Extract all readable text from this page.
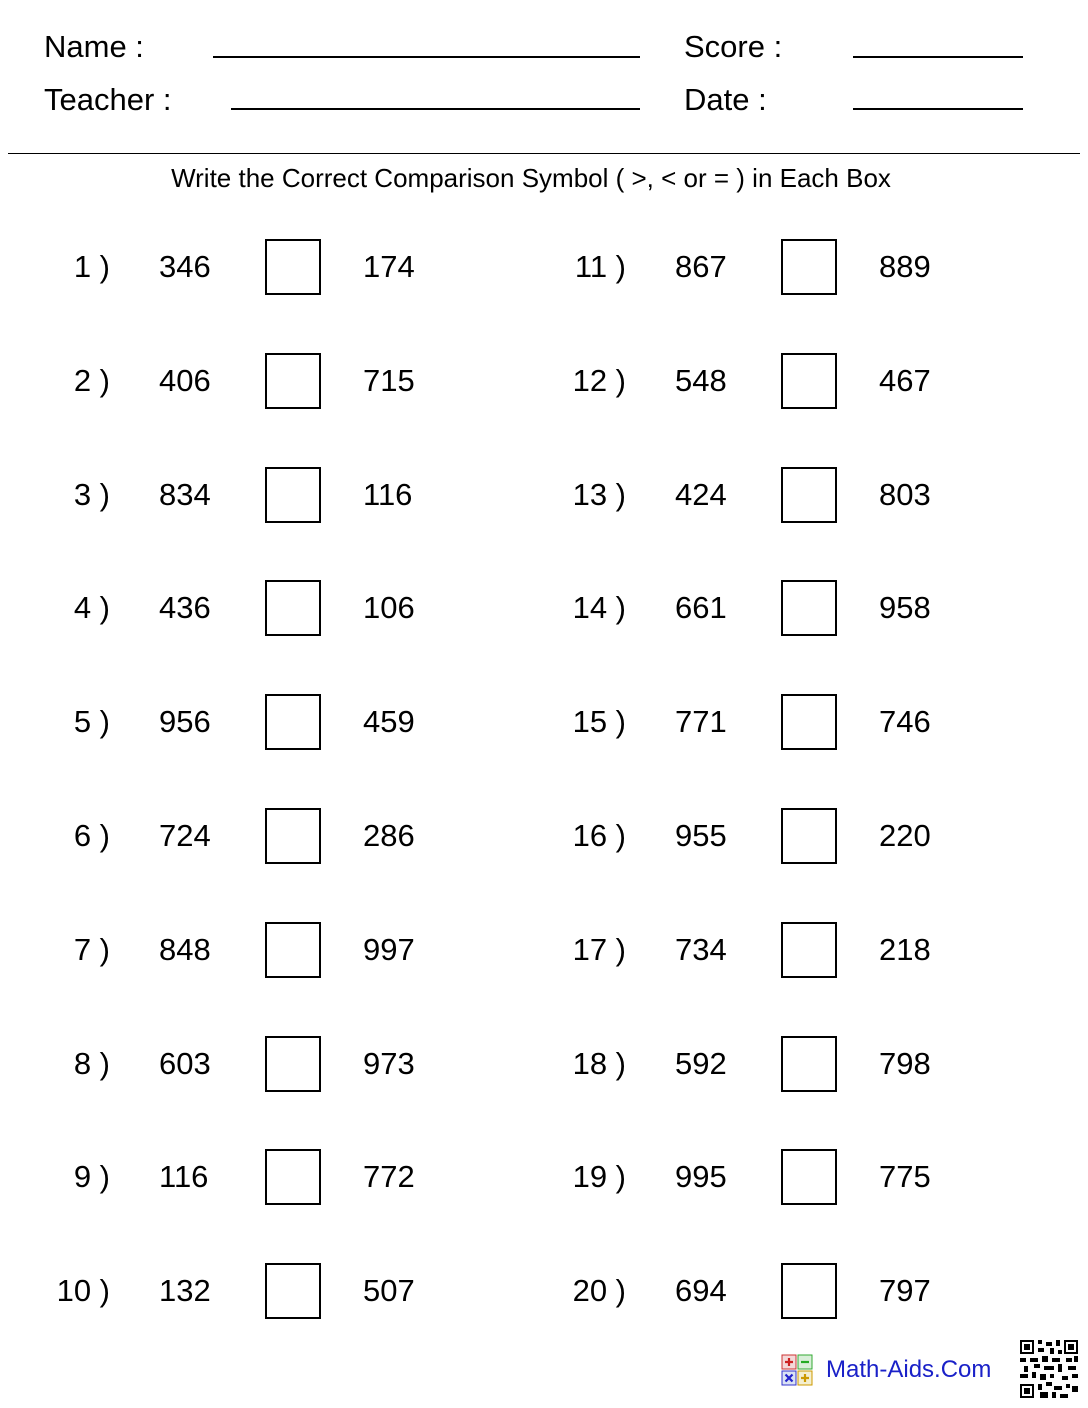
Name :
Teacher :
Score :
Date :
Write the Correct Comparison Symbol ( >, < or = ) in Each Box
1 ) 346	174
2 ) 406	715
3 ) 834	116
4 ) 436	106
5 ) 956	459
6 ) 724	286
7 ) 848	997
8 ) 603	973
9 ) 116	772
10 ) 132	507
11 ) 867	889
12 ) 548	467
13 ) 424	803
14 ) 661	958
15 ) 771	746
16 ) 955	220
17 ) 734	218
18 ) 592	798
19 ) 995	775
20 ) 694	797
Math-Aids.Com
